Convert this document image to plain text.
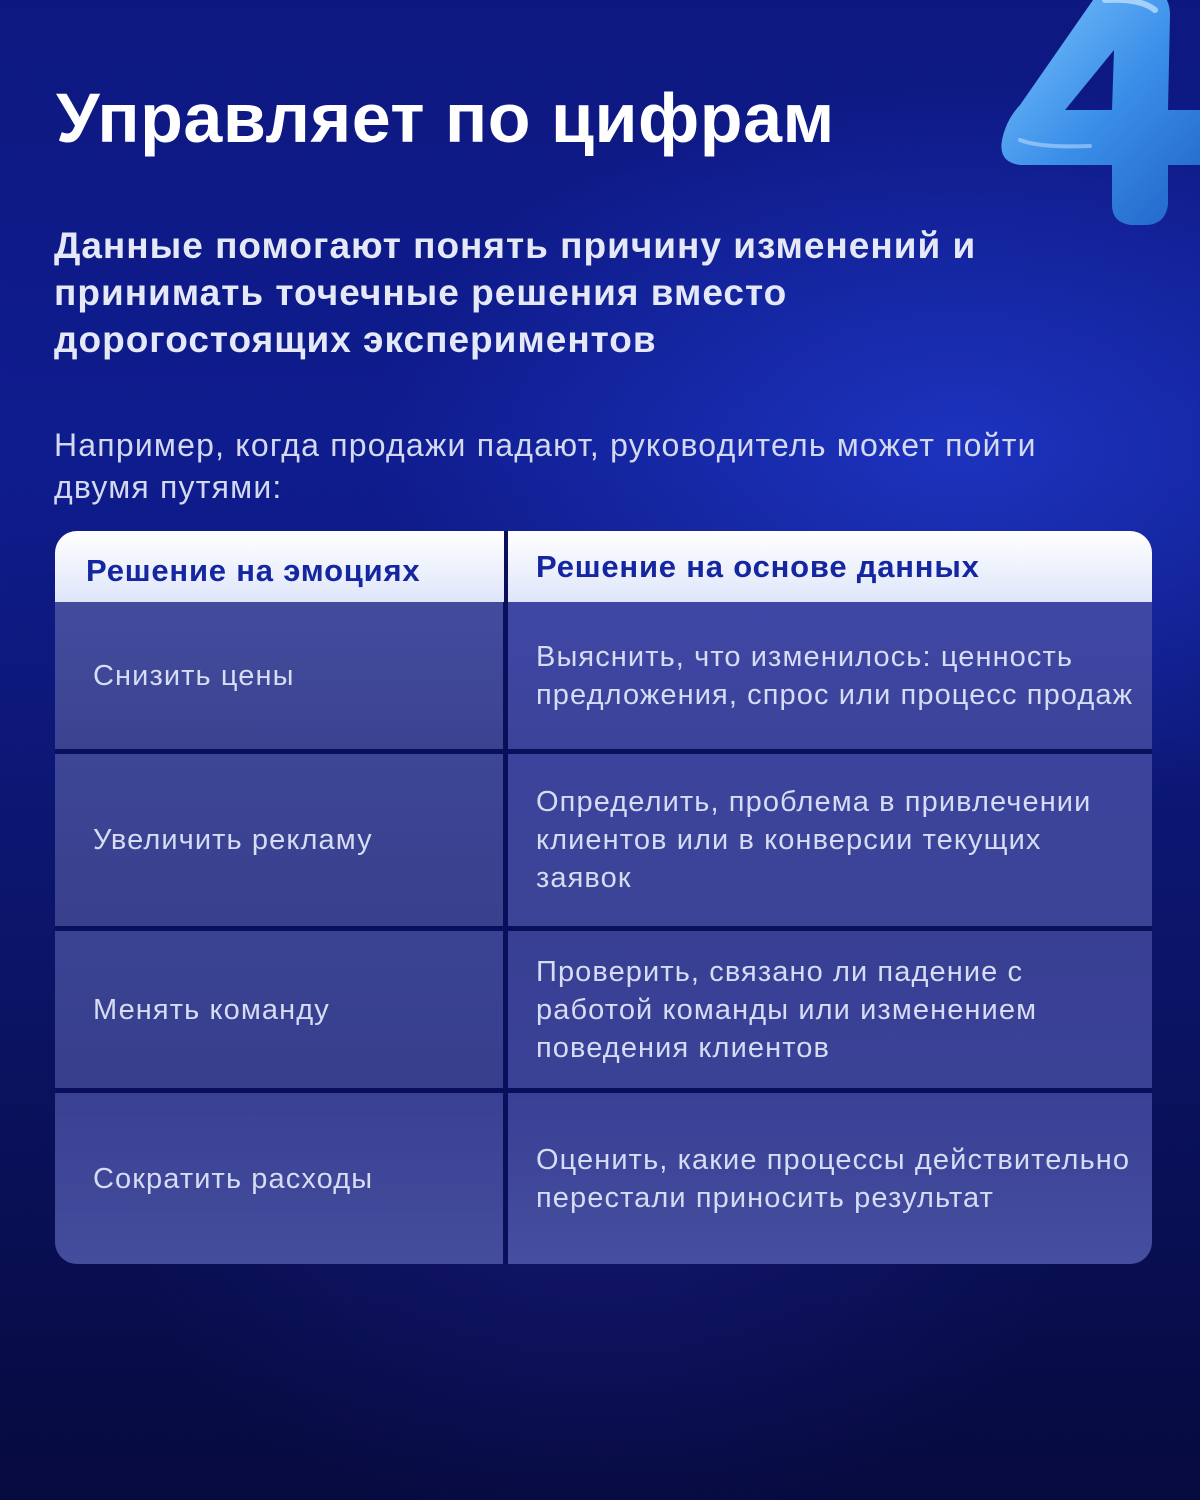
Управляет по цифрам

Данные помогают понять причину изменений и принимать точечные решения вместо дорогостоящих экспериментов

Например, когда продажи падают, руководитель может пойти двумя путями:

Решение на эмоциях	Решение на основе данных
Снизить цены
Выяснить, что изменилось: ценность предложения, спрос или процесс продаж
Увеличить рекламу
Определить, проблема в привлечении клиентов или в конверсии текущих заявок
Менять команду
Проверить, связано ли падение с работой команды или изменением поведения клиентов
Сократить расходы
Оценить, какие процессы действительно перестали приносить результат
